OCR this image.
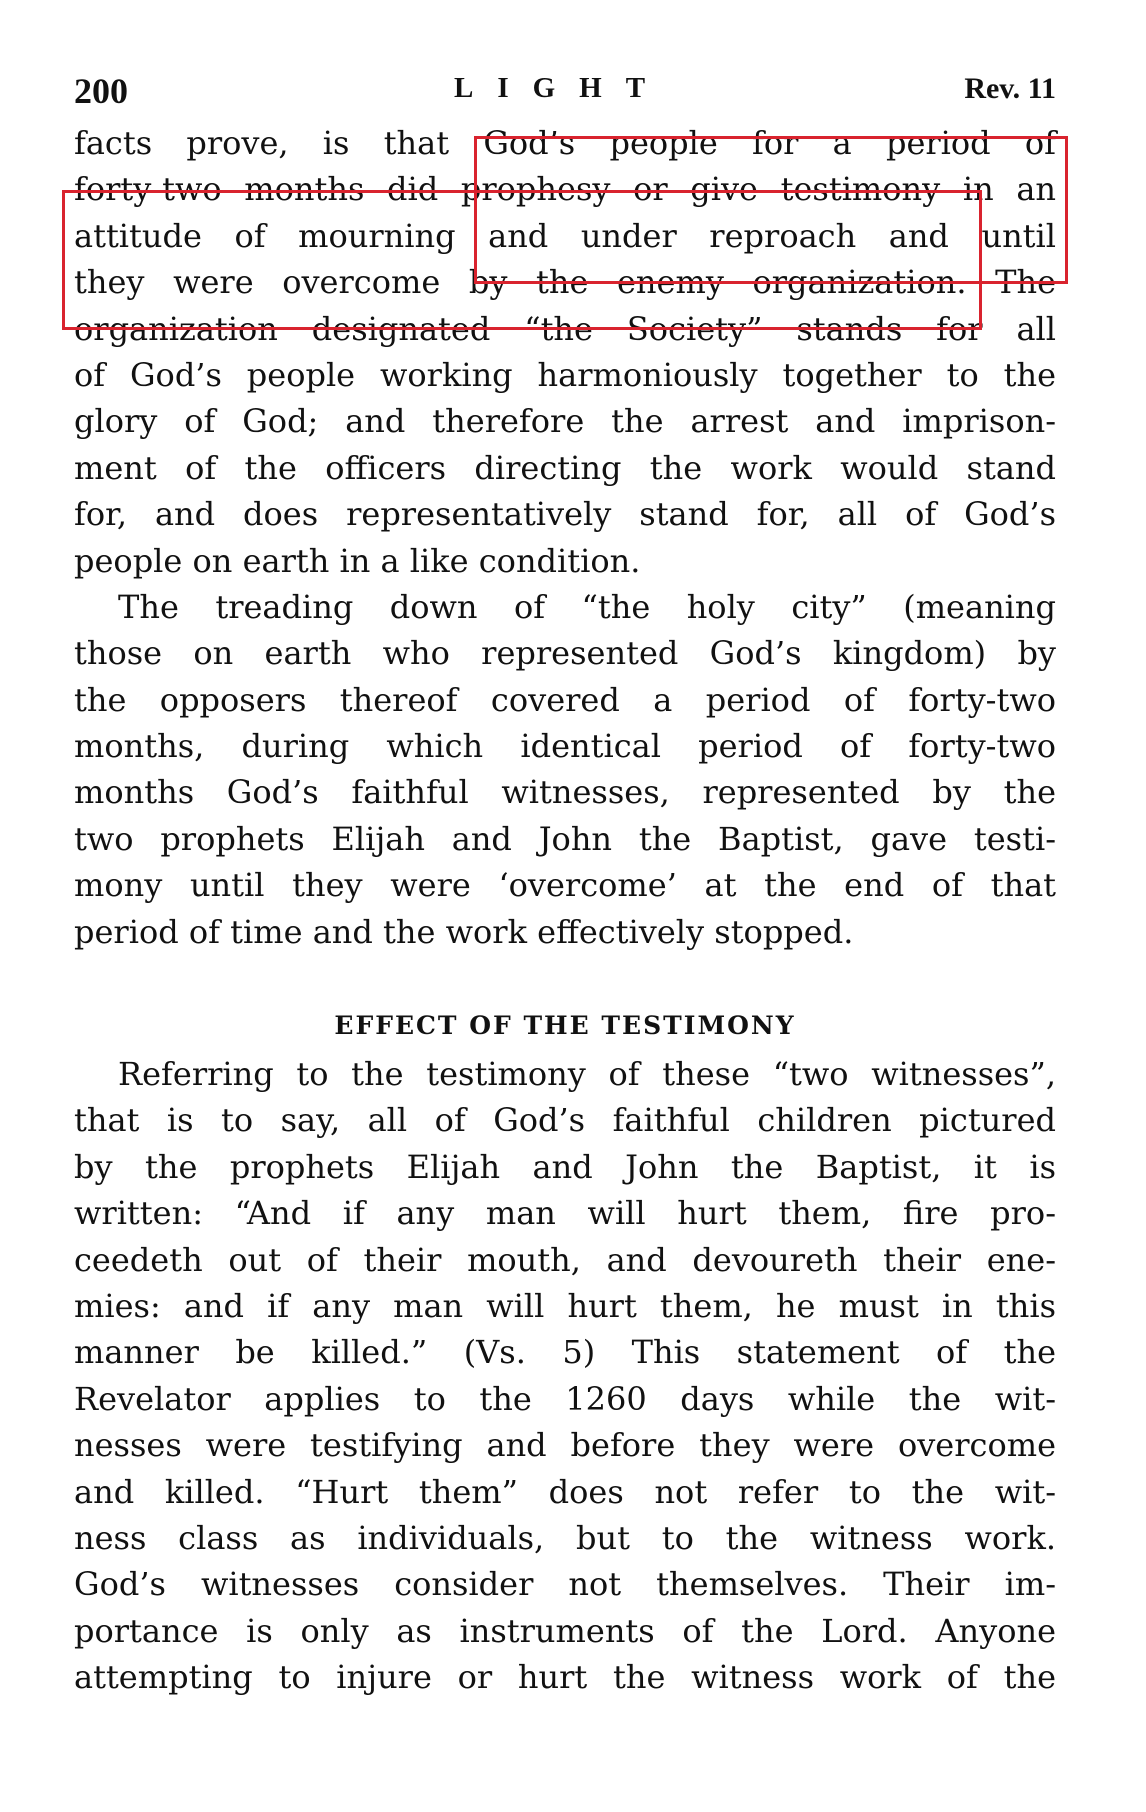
200	LIGHT	Rev. 11
facts prove, is that God’s people for a period of
forty-two months did prophesy or give testimony in an
attitude of mourning and under reproach and until
they were overcome by the enemy organization. The
organization designated “the Society” stands for all
of God’s people working harmoniously together to the
glory of God; and therefore the arrest and imprison-
ment of the officers directing the work would stand
for, and does representatively stand for, all of God’s
people on earth in a like condition.
The treading down of “the holy city” (meaning
those on earth who represented God’s kingdom) by
the opposers thereof covered a period of forty-two
months, during which identical period of forty-two
months God’s faithful witnesses, represented by the
two prophets Elijah and John the Baptist, gave testi-
mony until they were ‘overcome’ at the end of that
period of time and the work effectively stopped.
EFFECT OF THE TESTIMONY
Referring to the testimony of these “two witnesses”,
that is to say, all of God’s faithful children pictured
by the prophets Elijah and John the Baptist, it is
written: “And if any man will hurt them, fire pro-
ceedeth out of their mouth, and devoureth their ene-
mies: and if any man will hurt them, he must in this
manner be killed.” (Vs. 5) This statement of the
Revelator applies to the 1260 days while the wit-
nesses were testifying and before they were overcome
and killed. “Hurt them” does not refer to the wit-
ness class as individuals, but to the witness work.
God’s witnesses consider not themselves. Their im-
portance is only as instruments of the Lord. Anyone
attempting to injure or hurt the witness work of the
